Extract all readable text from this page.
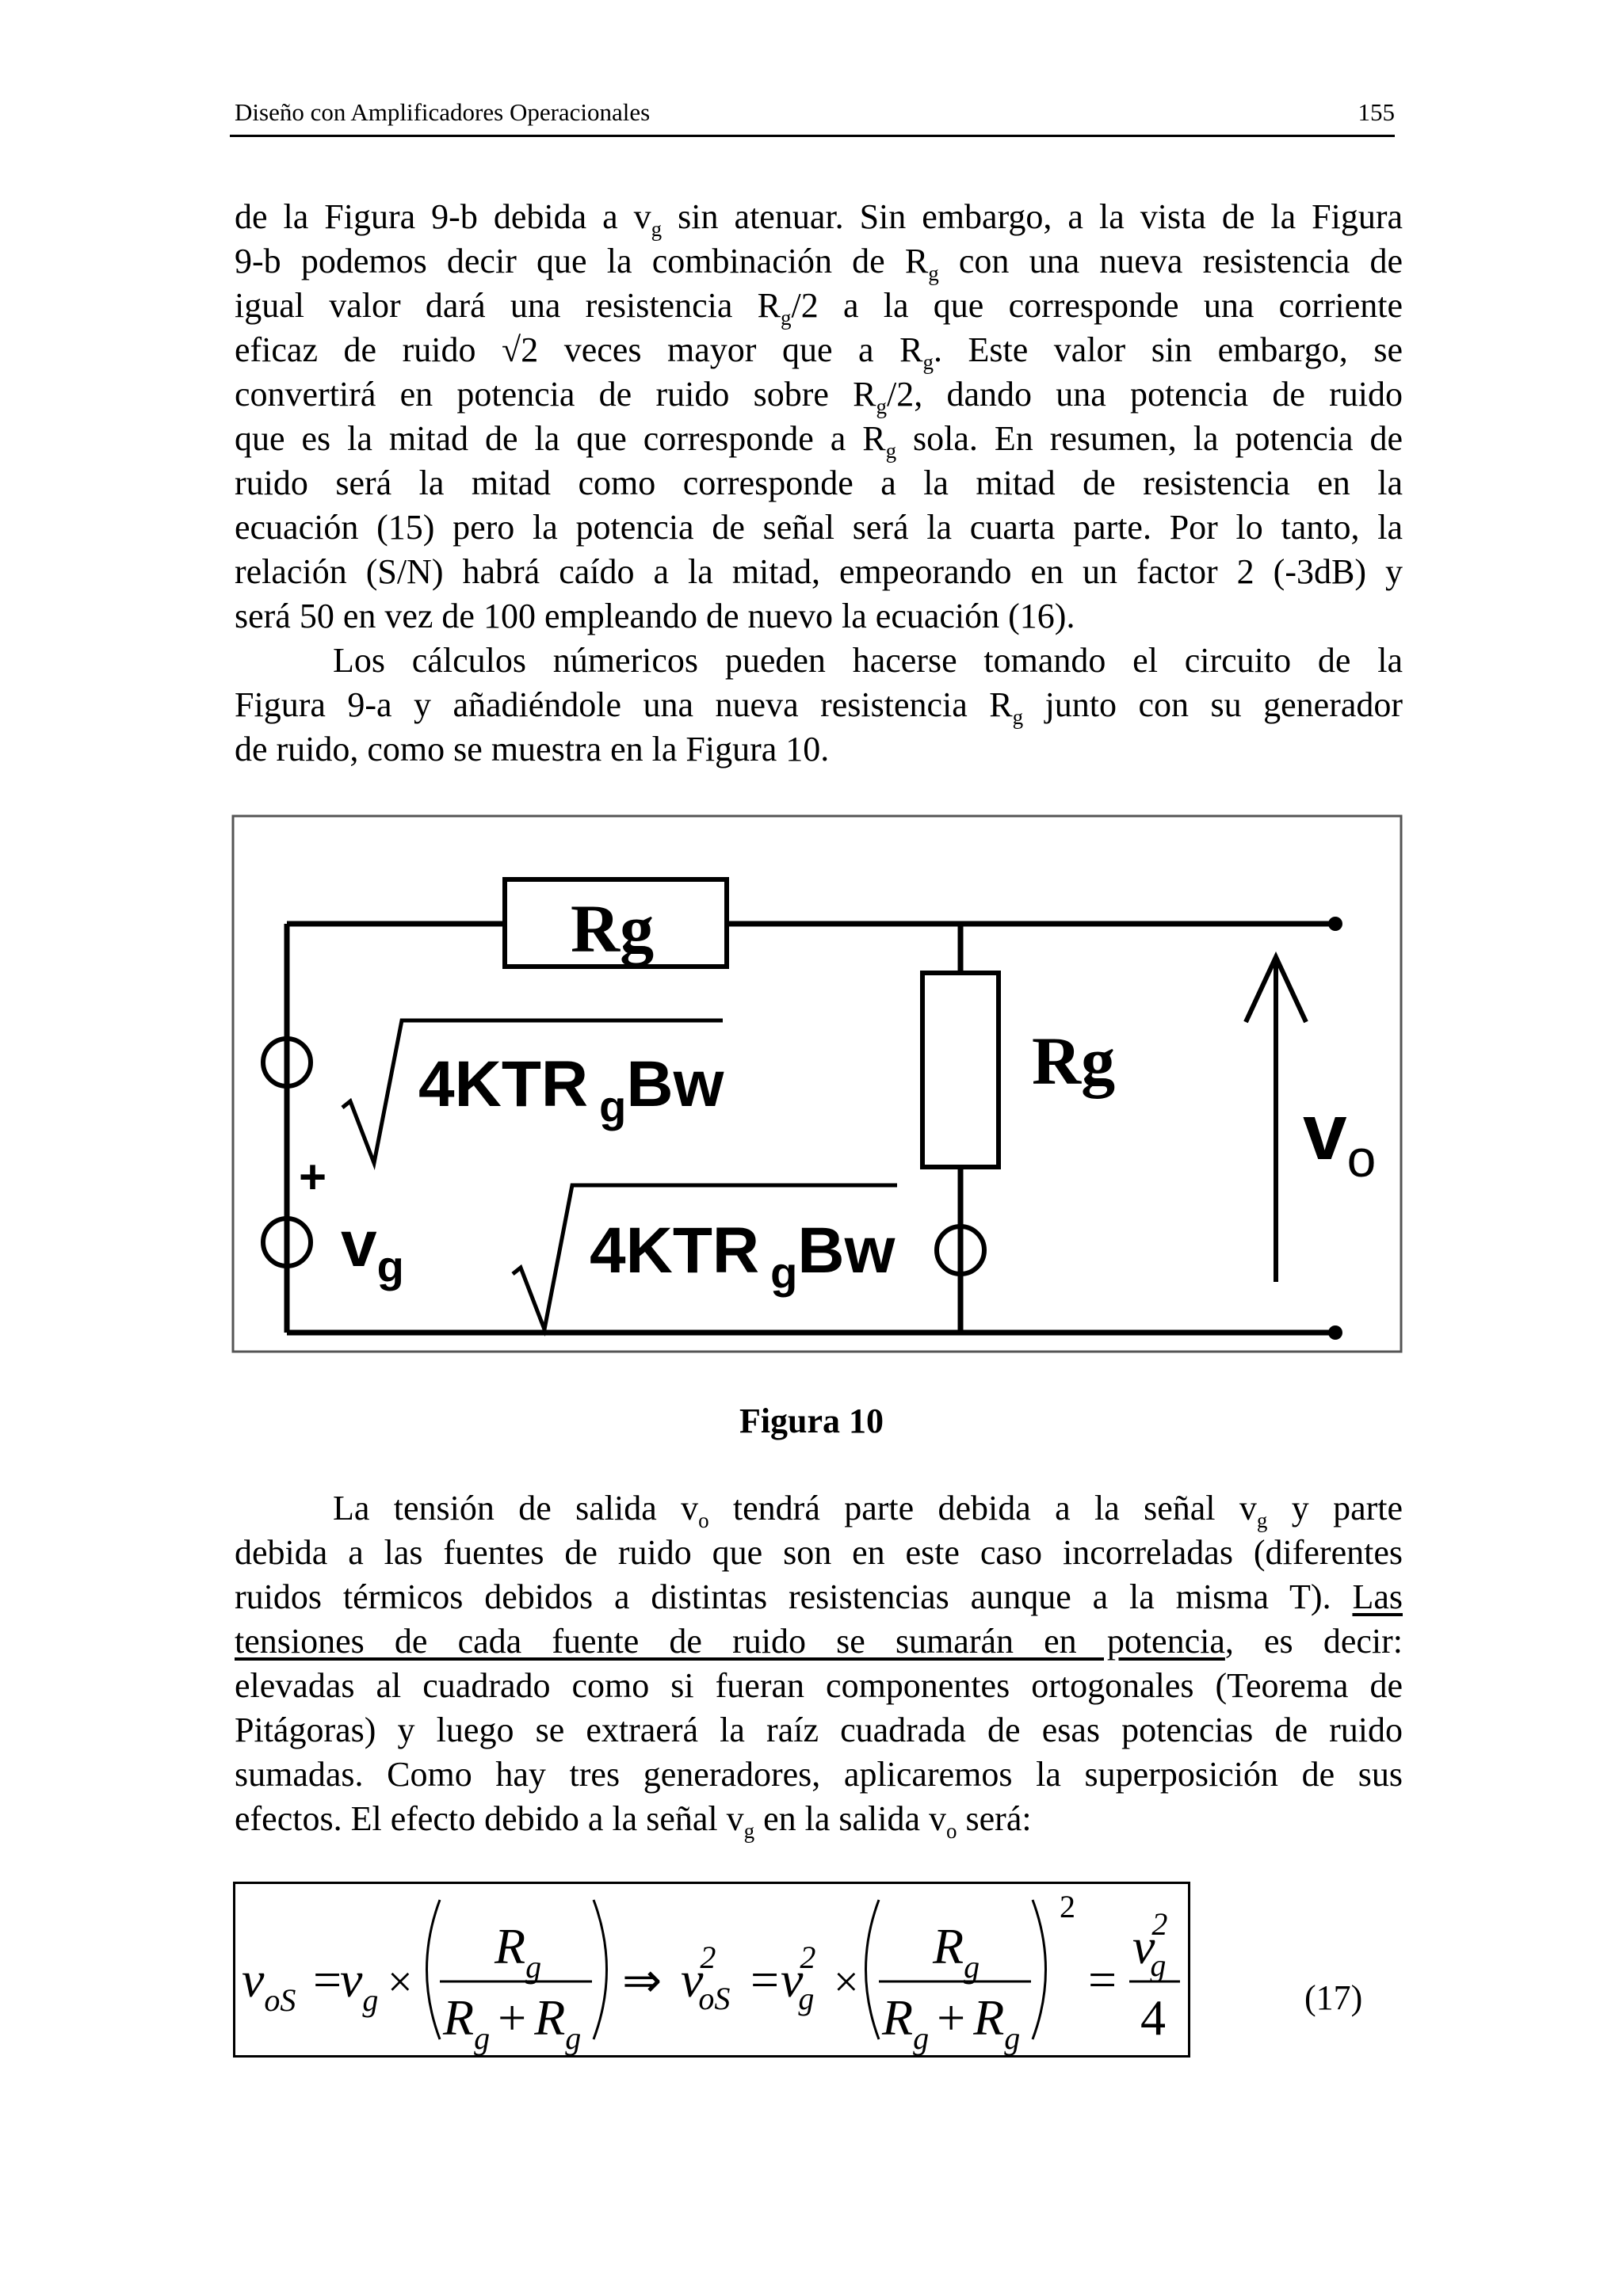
Diseño con Amplificadores Operacionales	155
de la Figura 9-b debida a $v_g$ sin atenuar. Sin embargo, a la vista de la Figura
9-b podemos decir que la combinación de $R_g$ con una nueva resistencia de
igual valor dará una resistencia $R_g/2$ a la que corresponde una corriente
eficaz de ruido √2 veces mayor que a $R_g$. Este valor sin embargo, se
convertirá en potencia de ruido sobre $R_g/2$, dando una potencia de ruido
que es la mitad de la que corresponde a $R_g$ sola. En resumen, la potencia de
ruido será la mitad como corresponde a la mitad de resistencia en la
ecuación (15) pero la potencia de señal será la cuarta parte. Por lo tanto, la
relación (S/N) habrá caído a la mitad, empeorando en un factor 2 (-3dB) y
será 50 en vez de 100 empleando de nuevo la ecuación (16).
Los cálculos númericos pueden hacerse tomando el circuito de la
Figura 9-a y añadiéndole una nueva resistencia $R_g$ junto con su generador
de ruido, como se muestra en la Figura 10.
Rg
Rg
4KTR $_g$Bw
4KTR $_g$Bw
+
$v_g$
$v_o$
Figura 10
La tensión de salida $v_o$ tendrá parte debida a la señal $v_g$ y parte
debida a las fuentes de ruido que son en este caso incorreladas (diferentes
ruidos térmicos debidos a distintas resistencias aunque a la misma T). Las
tensiones de cada fuente de ruido se sumarán en potencia, es decir:
elevadas al cuadrado como si fueran componentes ortogonales (Teorema de
Pitágoras) y luego se extraerá la raíz cuadrada de esas potencias de ruido
sumadas. Como hay tres generadores, aplicaremos la superposición de sus
efectos. El efecto debido a la señal $v_g$ en la salida $v_o$ será:
$v_{oS}$ =
$v_g$ ×
$R_g$
$R_g + R_g$
⇒ v2 oS = v2 g ×
$R_g$
$R_g + R_g$
2
=
v2 g
4	(17)
